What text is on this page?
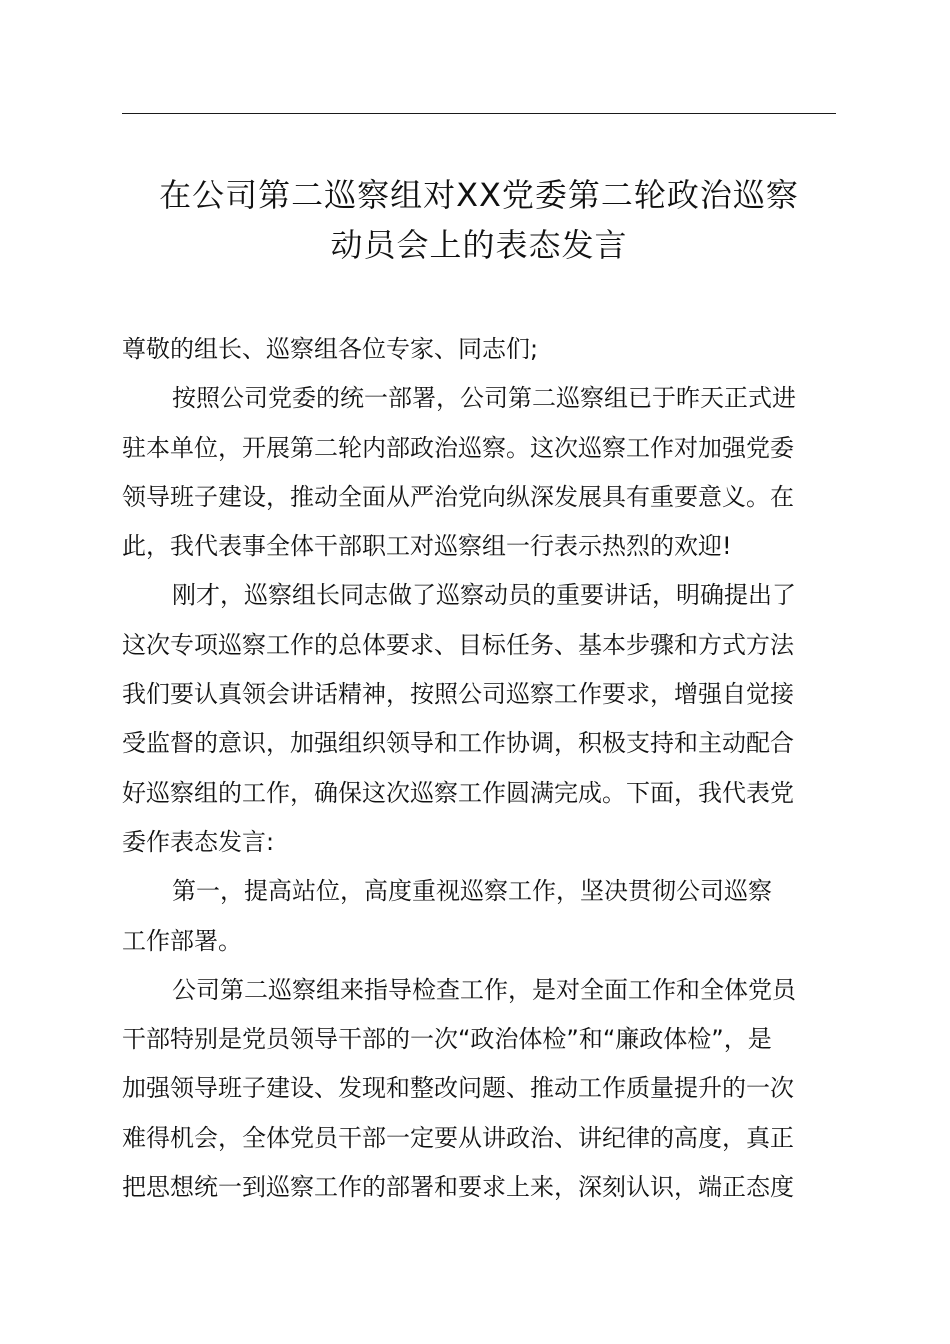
在公司第二巡察组对XX党委第二轮政治巡察
动员会上的表态发言
尊敬的组长、巡察组各位专家、同志们;
按照公司党委的统一部署，公司第二巡察组已于昨天正式进
驻本单位，开展第二轮内部政治巡察。这次巡察工作对加强党委
领导班子建设，推动全面从严治党向纵深发展具有重要意义。在
此，我代表事全体干部职工对巡察组一行表示热烈的欢迎!
刚才，巡察组长同志做了巡察动员的重要讲话，明确提出了
这次专项巡察工作的总体要求、目标任务、基本步骤和方式方法
我们要认真领会讲话精神，按照公司巡察工作要求，增强自觉接
受监督的意识，加强组织领导和工作协调，积极支持和主动配合
好巡察组的工作，确保这次巡察工作圆满完成。下面，我代表党
委作表态发言:
第一，提高站位，高度重视巡察工作，坚决贯彻公司巡察
工作部署。
公司第二巡察组来指导检查工作，是对全面工作和全体党员
干部特别是党员领导干部的一次“政治体检”和“廉政体检”，是
加强领导班子建设、发现和整改问题、推动工作质量提升的一次
难得机会，全体党员干部一定要从讲政治、讲纪律的高度，真正
把思想统一到巡察工作的部署和要求上来，深刻认识，端正态度
